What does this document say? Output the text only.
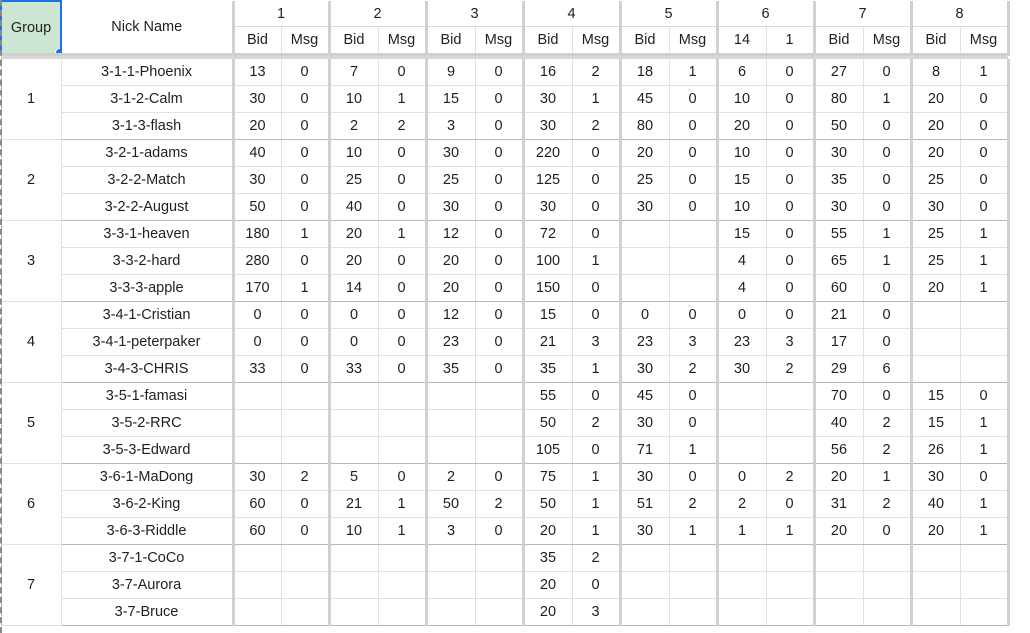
Group	Nick Name	1		2		3		4		5		6		7		8	
		Bid	Msg	Bid	Msg	Bid	Msg	Bid	Msg	Bid	Msg	14	1	Bid	Msg	Bid	Msg

1	3-1-1-Phoenix	13	0	7	0	9	0	16	2	18	1	6	0	27	0	8	1
	3-1-2-Calm	30	0	10	1	15	0	30	1	45	0	10	0	80	1	20	0
	3-1-3-flash	20	0	2	2	3	0	30	2	80	0	20	0	50	0	20	0
2	3-2-1-adams	40	0	10	0	30	0	220	0	20	0	10	0	30	0	20	0
	3-2-2-Match	30	0	25	0	25	0	125	0	25	0	15	0	35	0	25	0
	3-2-2-August	50	0	40	0	30	0	30	0	30	0	10	0	30	0	30	0
3	3-3-1-heaven	180	1	20	1	12	0	72	0			15	0	55	1	25	1
	3-3-2-hard	280	0	20	0	20	0	100	1			4	0	65	1	25	1
	3-3-3-apple	170	1	14	0	20	0	150	0			4	0	60	0	20	1
4	3-4-1-Cristian	0	0	0	0	12	0	15	0	0	0	0	0	21	0		
	3-4-1-peterpaker	0	0	0	0	23	0	21	3	23	3	23	3	17	0		
	3-4-3-CHRIS	33	0	33	0	35	0	35	1	30	2	30	2	29	6		
5	3-5-1-famasi							55	0	45	0			70	0	15	0
	3-5-2-RRC							50	2	30	0			40	2	15	1
	3-5-3-Edward							105	0	71	1			56	2	26	1
6	3-6-1-MaDong	30	2	5	0	2	0	75	1	30	0	0	2	20	1	30	0
	3-6-2-King	60	0	21	1	50	2	50	1	51	2	2	0	31	2	40	1
	3-6-3-Riddle	60	0	10	1	3	0	20	1	30	1	1	1	20	0	20	1
7	3-7-1-CoCo							35	2								
	3-7-Aurora							20	0								
	3-7-Bruce							20	3								
